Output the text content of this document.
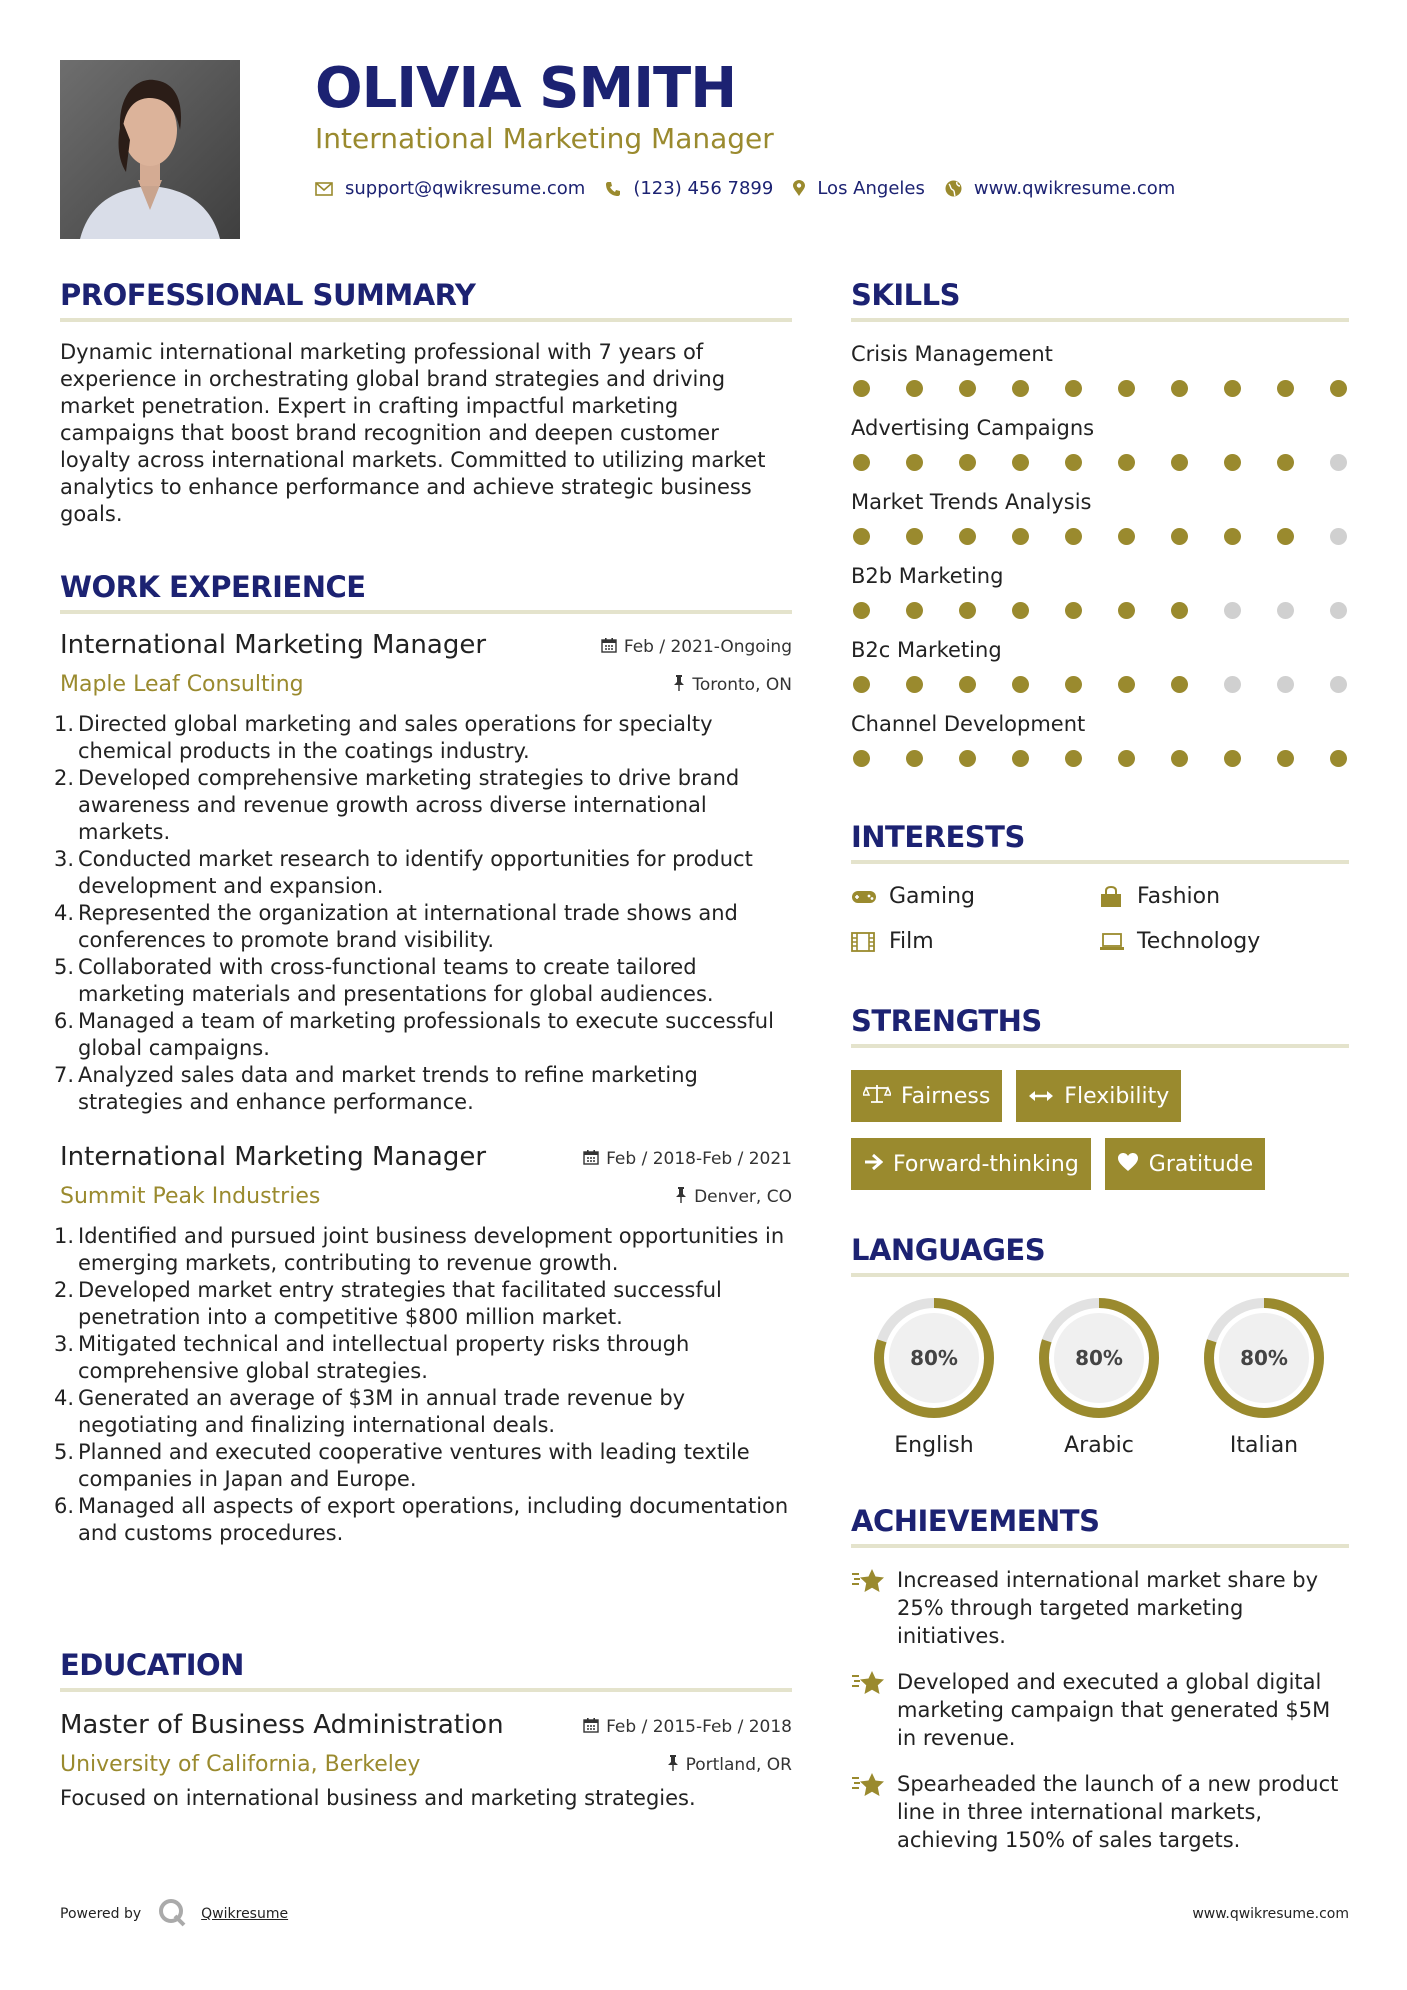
OLIVIA SMITH
International Marketing Manager
support@qwikresume.com	(123) 456 7899 Los Angeles	www.qwikresume.com
PROFESSIONAL SUMMARY
Dynamic international marketing professional with 7 years of experience in orchestrating global brand strategies and driving market penetration. Expert in crafting impactful marketing campaigns that boost brand recognition and deepen customer loyalty across international markets. Committed to utilizing market analytics to enhance performance and achieve strategic business goals.
WORK EXPERIENCE
International Marketing Manager	Feb / 2021-Ongoing
Maple Leaf Consulting	Toronto, ON
1. Directed global marketing and sales operations for specialty chemical products in the coatings industry.
2. Developed comprehensive marketing strategies to drive brand awareness and revenue growth across diverse international markets.
3. Conducted market research to identify opportunities for product development and expansion.
4. Represented the organization at international trade shows and conferences to promote brand visibility.
5. Collaborated with cross-functional teams to create tailored marketing materials and presentations for global audiences.
6. Managed a team of marketing professionals to execute successful global campaigns.
7. Analyzed sales data and market trends to refine marketing strategies and enhance performance.
International Marketing Manager	Feb / 2018-Feb / 2021
Summit Peak Industries	Denver, CO
1. Identified and pursued joint business development opportunities in emerging markets, contributing to revenue growth.
2. Developed market entry strategies that facilitated successful penetration into a competitive $800 million market.
3. Mitigated technical and intellectual property risks through comprehensive global strategies.
4. Generated an average of $3M in annual trade revenue by negotiating and finalizing international deals.
5. Planned and executed cooperative ventures with leading textile companies in Japan and Europe.
6. Managed all aspects of export operations, including documentation and customs procedures.
EDUCATION
Master of Business Administration	Feb / 2015-Feb / 2018
University of California, Berkeley	Portland, OR
Focused on international business and marketing strategies.
SKILLS
Crisis Management
Advertising Campaigns
Market Trends Analysis
B2b Marketing
B2c Marketing
Channel Development
INTERESTS
Gaming	Fashion
Film	Technology
STRENGTHS
Fairness	Flexibility
Forward-thinking	Gratitude
LANGUAGES
80%
English
80%
Arabic
80%
Italian
ACHIEVEMENTS
Increased international market share by 25% through targeted marketing initiatives.
Developed and executed a global digital marketing campaign that generated $5M in revenue.
Spearheaded the launch of a new product line in three international markets, achieving 150% of sales targets.
Powered by	Qwikresume	www.qwikresume.com
